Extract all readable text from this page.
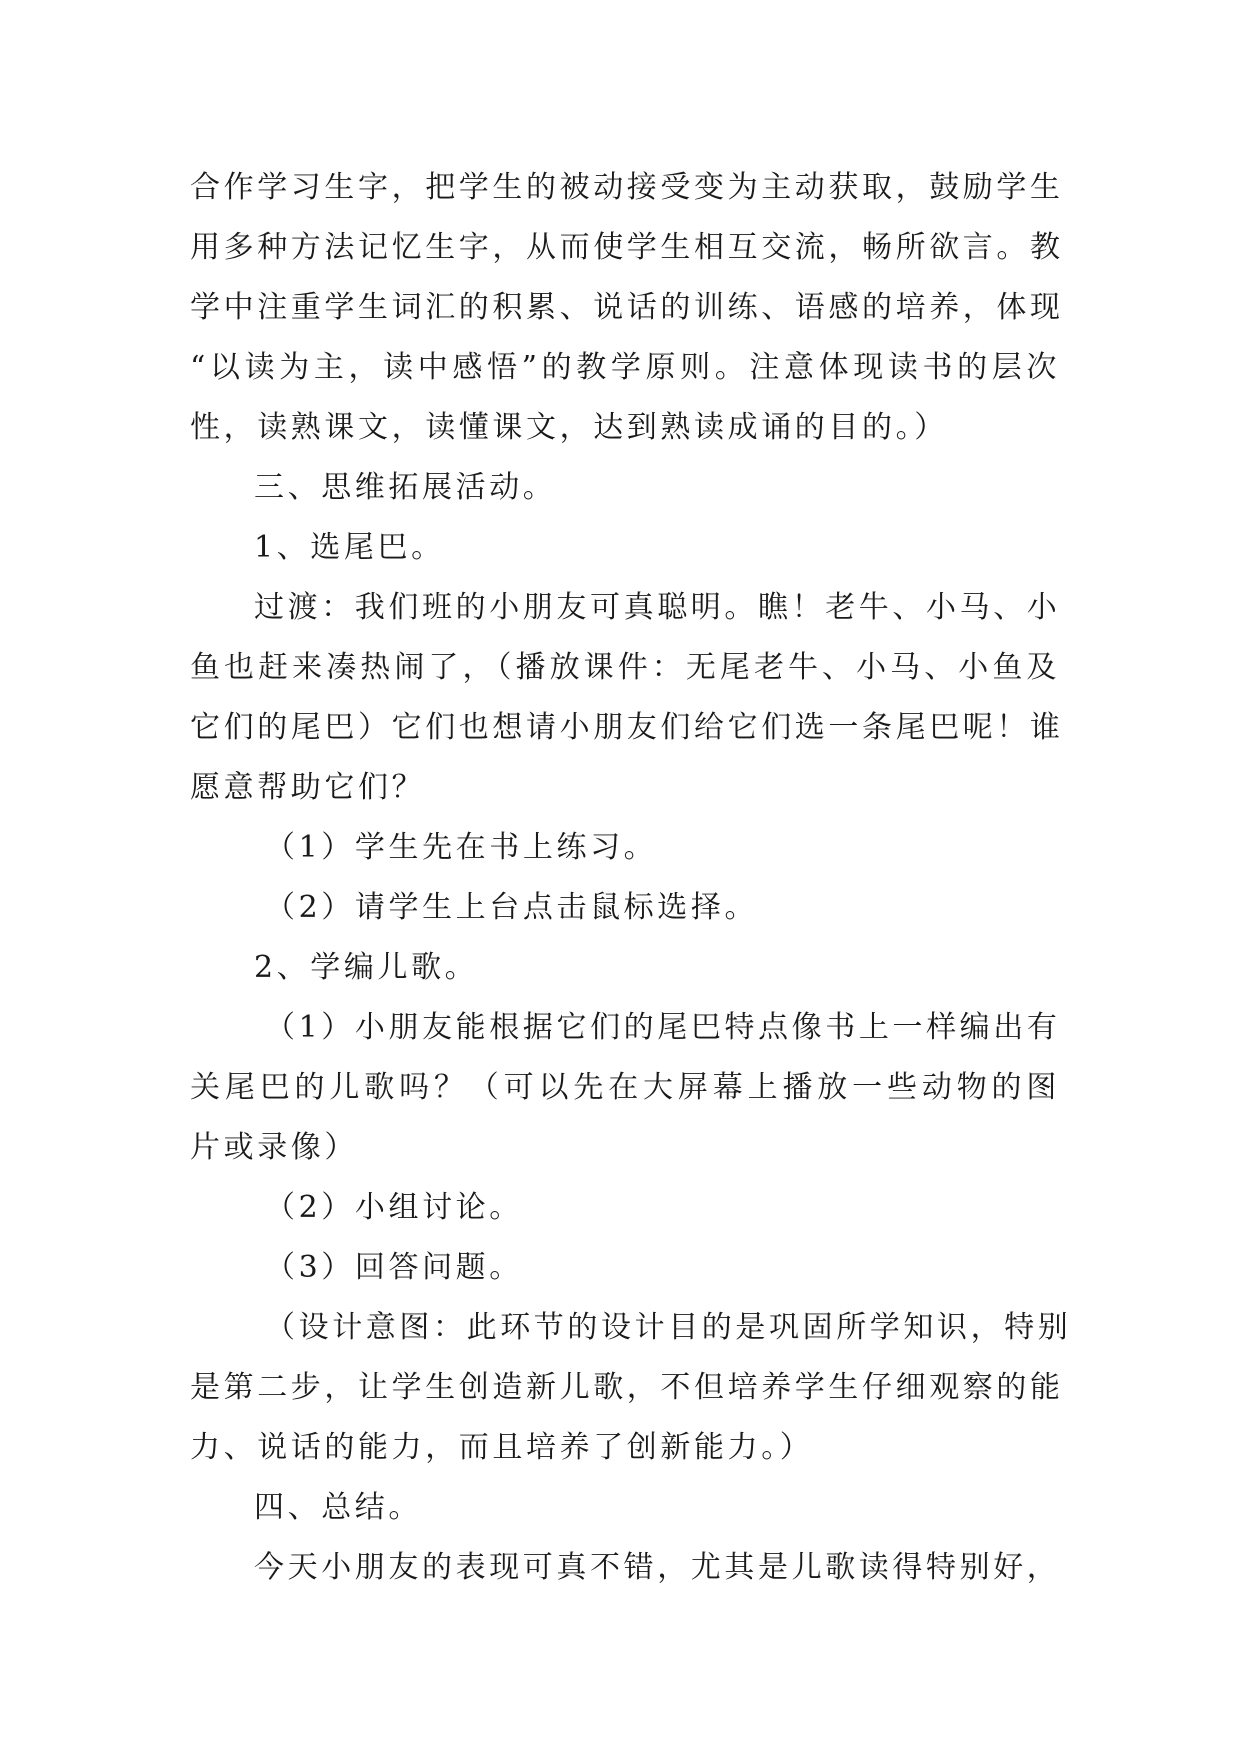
合作学习生字，把学生的被动接受变为主动获取，鼓励学生
用多种方法记忆生字，从而使学生相互交流，畅所欲言。教
学中注重学生词汇的积累、说话的训练、语感的培养，体现
“以读为主，读中感悟”的教学原则。注意体现读书的层次
性，读熟课文，读懂课文，达到熟读成诵的目的。）
三、思维拓展活动。
1、选尾巴。
过渡：我们班的小朋友可真聪明。瞧！老牛、小马、小
鱼也赶来凑热闹了，（播放课件：无尾老牛、小马、小鱼及
它们的尾巴）它们也想请小朋友们给它们选一条尾巴呢！谁
愿意帮助它们？
（1）学生先在书上练习。
（2）请学生上台点击鼠标选择。
2、学编儿歌。
（1）小朋友能根据它们的尾巴特点像书上一样编出有
关尾巴的儿歌吗？（可以先在大屏幕上播放一些动物的图
片或录像）
（2）小组讨论。
（3）回答问题。
（设计意图：此环节的设计目的是巩固所学知识，特别
是第二步，让学生创造新儿歌，不但培养学生仔细观察的能
力、说话的能力，而且培养了创新能力。）
四、总结。
今天小朋友的表现可真不错，尤其是儿歌读得特别好，
